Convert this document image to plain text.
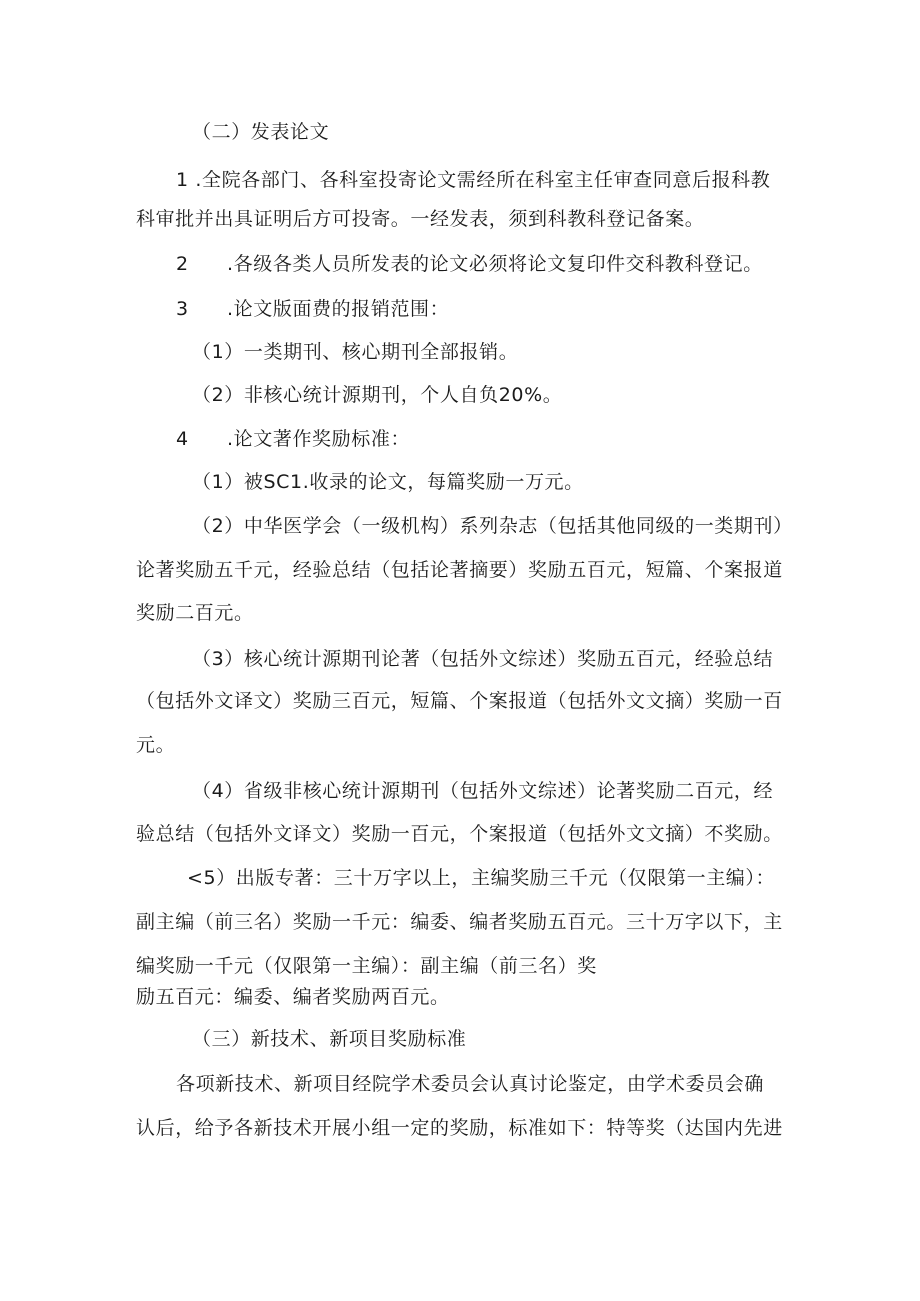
（二）发表论文
1 .全院各部门、各科室投寄论文需经所在科室主任审查同意后报科教
科审批并出具证明后方可投寄。一经发表，须到科教科登记备案。
2 .各级各类人员所发表的论文必须将论文复印件交科教科登记。
3 .论文版面费的报销范围：
（1）一类期刊、核心期刊全部报销。
（2）非核心统计源期刊，个人自负20%。
4 .论文著作奖励标准：
（1）被SC1.收录的论文，每篇奖励一万元。
（2）中华医学会（一级机构）系列杂志（包括其他同级的一类期刊）
论著奖励五千元，经验总结（包括论著摘要）奖励五百元，短篇、个案报道
奖励二百元。
（3）核心统计源期刊论著（包括外文综述）奖励五百元，经验总结
（包括外文译文）奖励三百元，短篇、个案报道（包括外文文摘）奖励一百
元。
（4）省级非核心统计源期刊（包括外文综述）论著奖励二百元，经
验总结（包括外文译文）奖励一百元，个案报道（包括外文文摘）不奖励。
<5）出版专著：三十万字以上，主编奖励三千元（仅限第一主编）：
副主编（前三名）奖励一千元：编委、编者奖励五百元。三十万字以下，主
编奖励一千元（仅限第一主编）：副主编（前三名）奖
励五百元：编委、编者奖励两百元。
（三）新技术、新项目奖励标准
各项新技术、新项目经院学术委员会认真讨论鉴定，由学术委员会确
认后，给予各新技术开展小组一定的奖励，标准如下：特等奖（达国内先进
